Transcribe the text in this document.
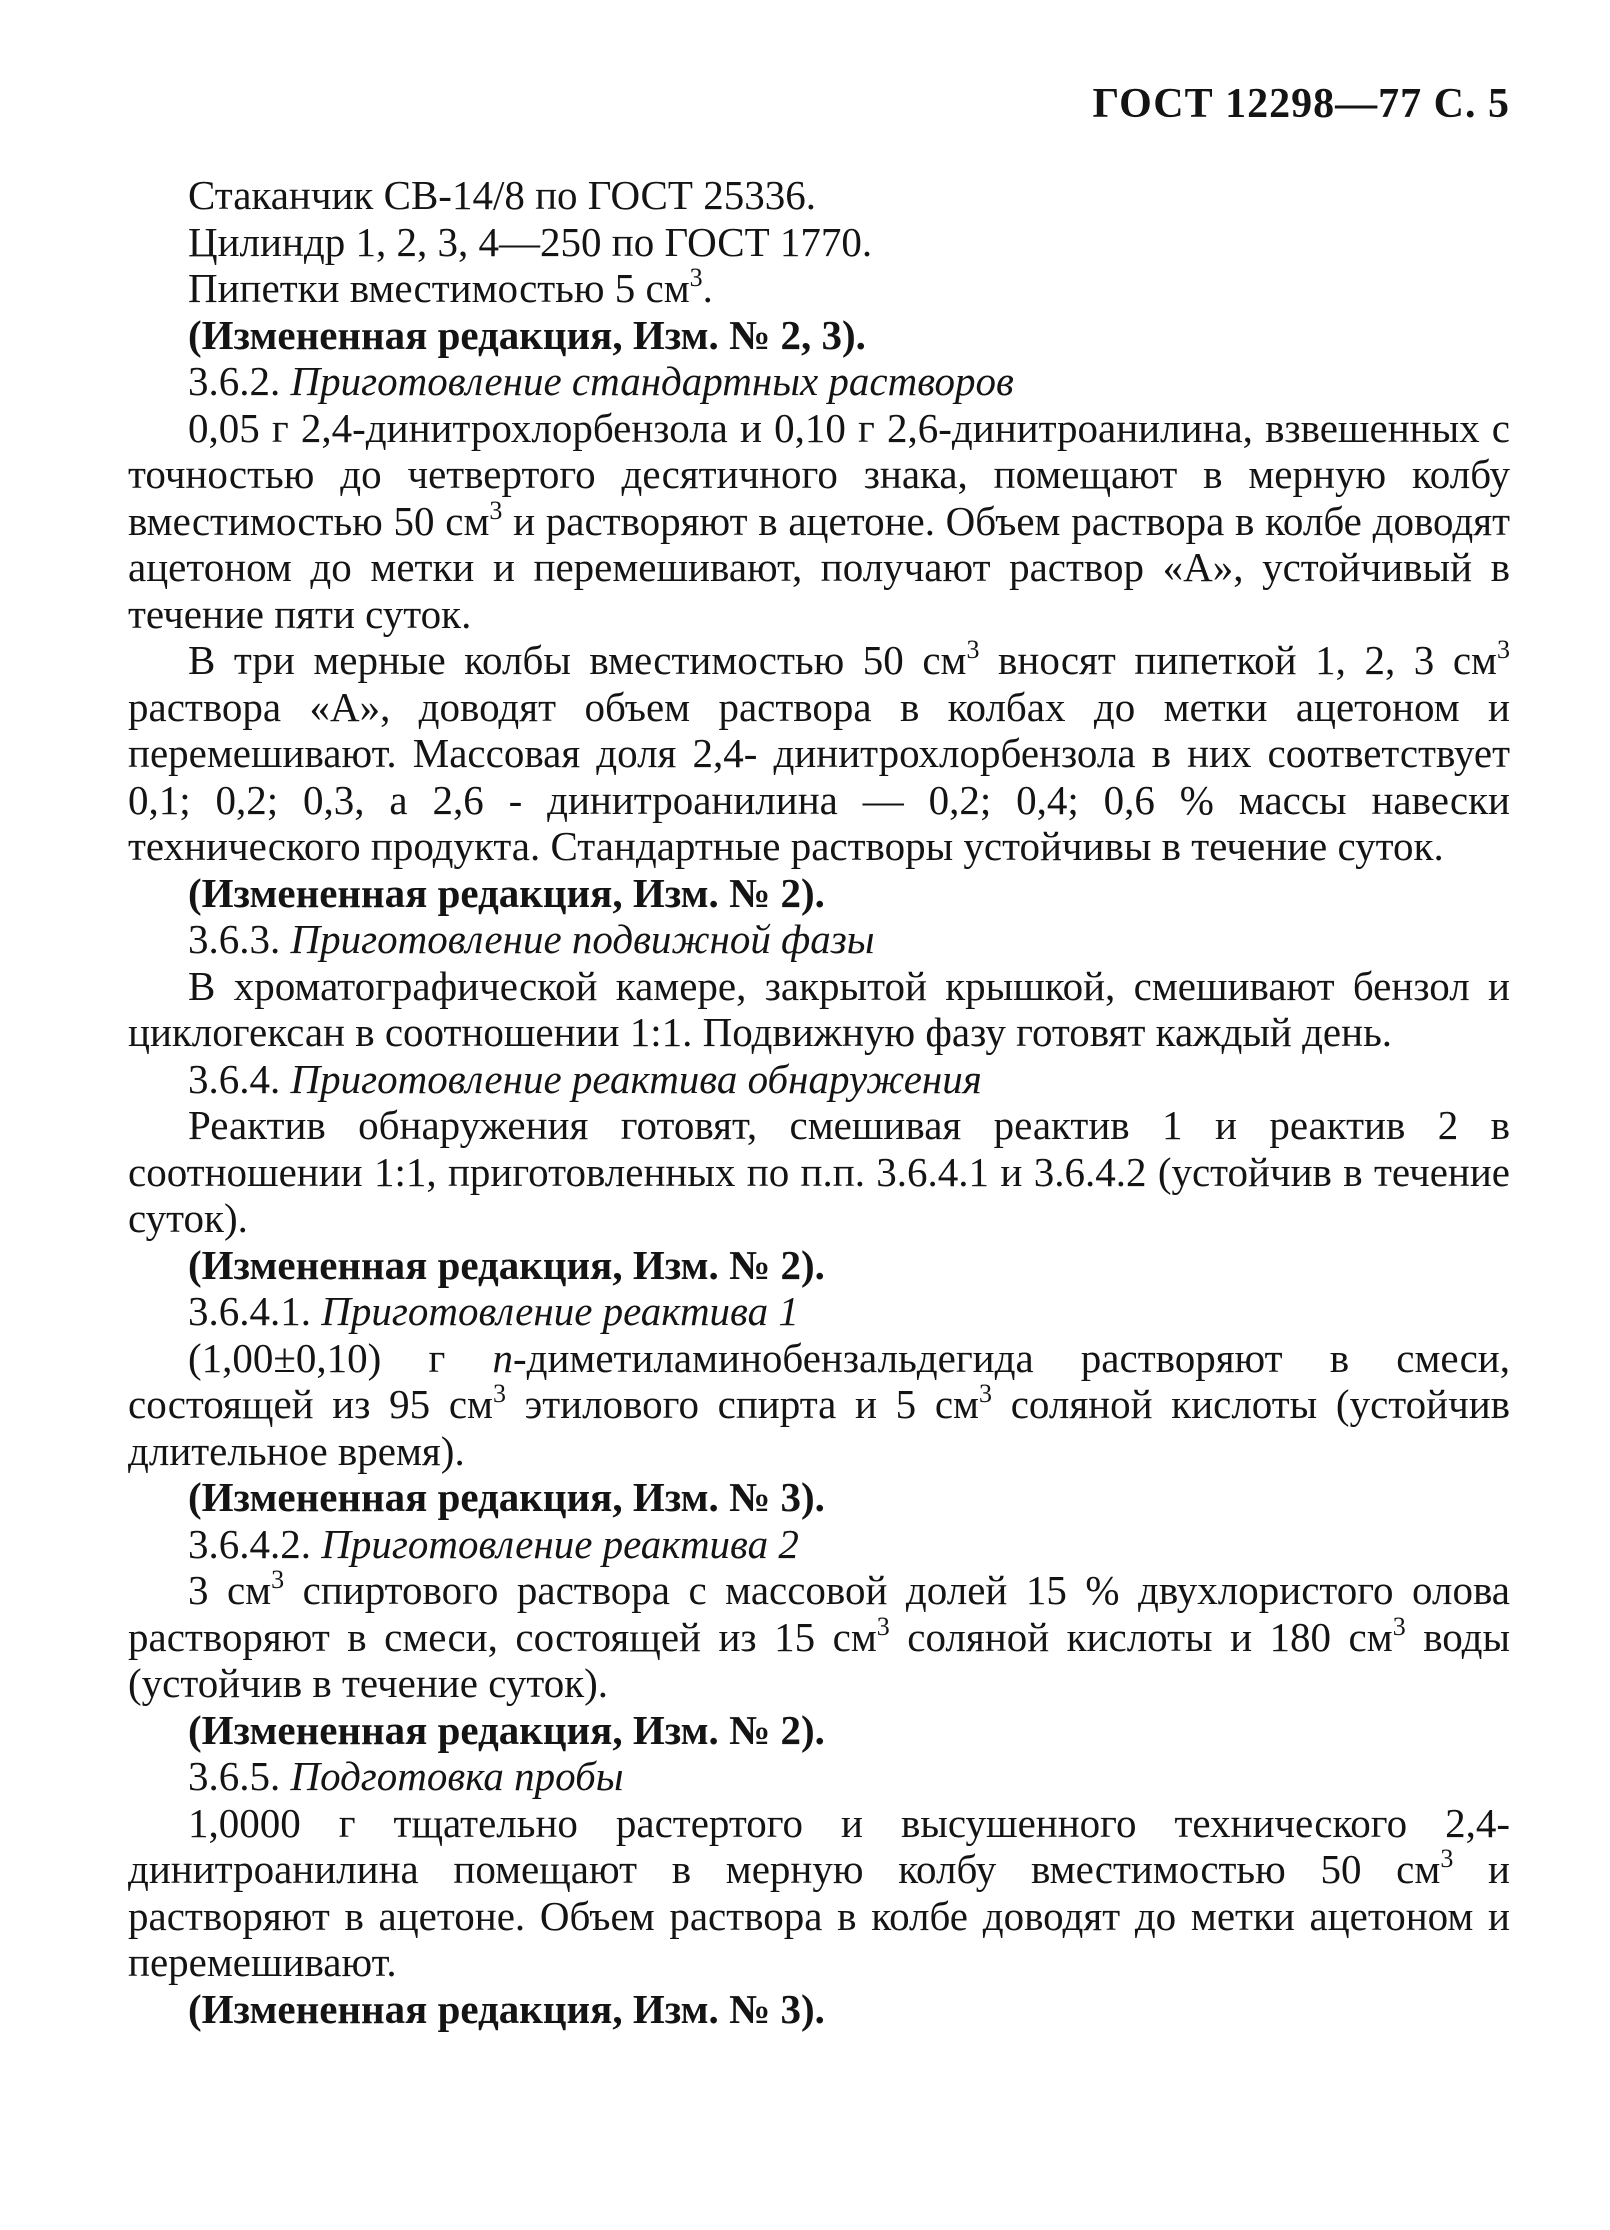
ГОСТ 12298—77 С. 5

Стаканчик СВ-14/8 по ГОСТ 25336.

Цилиндр 1, 2, 3, 4—250 по ГОСТ 1770.

Пипетки вместимостью 5 $см^3$.

(Измененная редакция, Изм. № 2, 3).

3.6.2. Приготовление стандартных растворов

0,05 г 2,4-динитрохлорбензола и 0,10 г 2,6-динитроанилина, взвешенных с точностью до четвертого десятичного знака, помещают в мерную колбу вместимостью 50 $см^3$ и растворяют в ацетоне. Объем раствора в колбе доводят ацетоном до метки и перемешивают, получают раствор «А», устойчивый в течение пяти суток.

В три мерные колбы вместимостью 50 $см^3$ вносят пипеткой 1, 2, 3 $см^3$ раствора «А», доводят объем раствора в колбах до метки ацетоном и перемешивают. Массовая доля 2,4- динитрохлорбензола в них соответствует 0,1; 0,2; 0,3, а 2,6 - динитроанилина — 0,2; 0,4; 0,6 % массы навески технического продукта. Стандартные растворы устойчивы в течение суток.

(Измененная редакция, Изм. № 2).

3.6.3. Приготовление подвижной фазы

В хроматографической камере, закрытой крышкой, смешивают бензол и циклогексан в соотношении 1:1. Подвижную фазу готовят каждый день.

3.6.4. Приготовление реактива обнаружения

Реактив обнаружения готовят, смешивая реактив 1 и реактив 2 в соотношении 1:1, приготовленных по п.п. 3.6.4.1 и 3.6.4.2 (устойчив в течение суток).

(Измененная редакция, Изм. № 2).

3.6.4.1. Приготовление реактива 1

(1,00±0,10) г n-диметиламинобензальдегида растворяют в смеси, состоящей из 95 $см^3$ этилового спирта и 5 $см^3$ соляной кислоты (устойчив длительное время).

(Измененная редакция, Изм. № 3).

3.6.4.2. Приготовление реактива 2

3 $см^3$ спиртового раствора с массовой долей 15 % двухлористого олова растворяют в смеси, состоящей из 15 $см^3$ соляной кислоты и 180 $см^3$ воды (устойчив в течение суток).

(Измененная редакция, Изм. № 2).

3.6.5. Подготовка пробы

1,0000 г тщательно растертого и высушенного технического 2,4-динитроанилина помещают в мерную колбу вместимостью 50 $см^3$ и растворяют в ацетоне. Объем раствора в колбе доводят до метки ацетоном и перемешивают.

(Измененная редакция, Изм. № 3).
